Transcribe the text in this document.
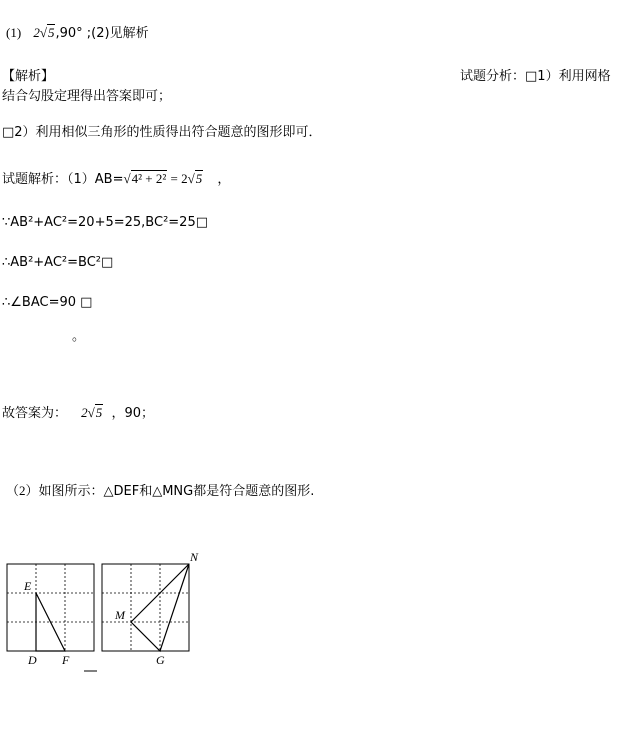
(1) 2√5,90° ;(2)见解析
【解析】	试题分析：□1）利用网格
结合勾股定理得出答案即可；
□2）利用相似三角形的性质得出符合题意的图形即可．
试题解析：（1）AB=√4² + 2² = 2√5 ，
∵AB²+AC²=20+5=25,BC²=25□
∴AB²+AC²=BC²□
∴∠BAC=90 □
。
故答案为： 2√5 ，90；
（2）如图所示：△DEF和△MNG都是符合题意的图形.
E
D F
M
N
G
